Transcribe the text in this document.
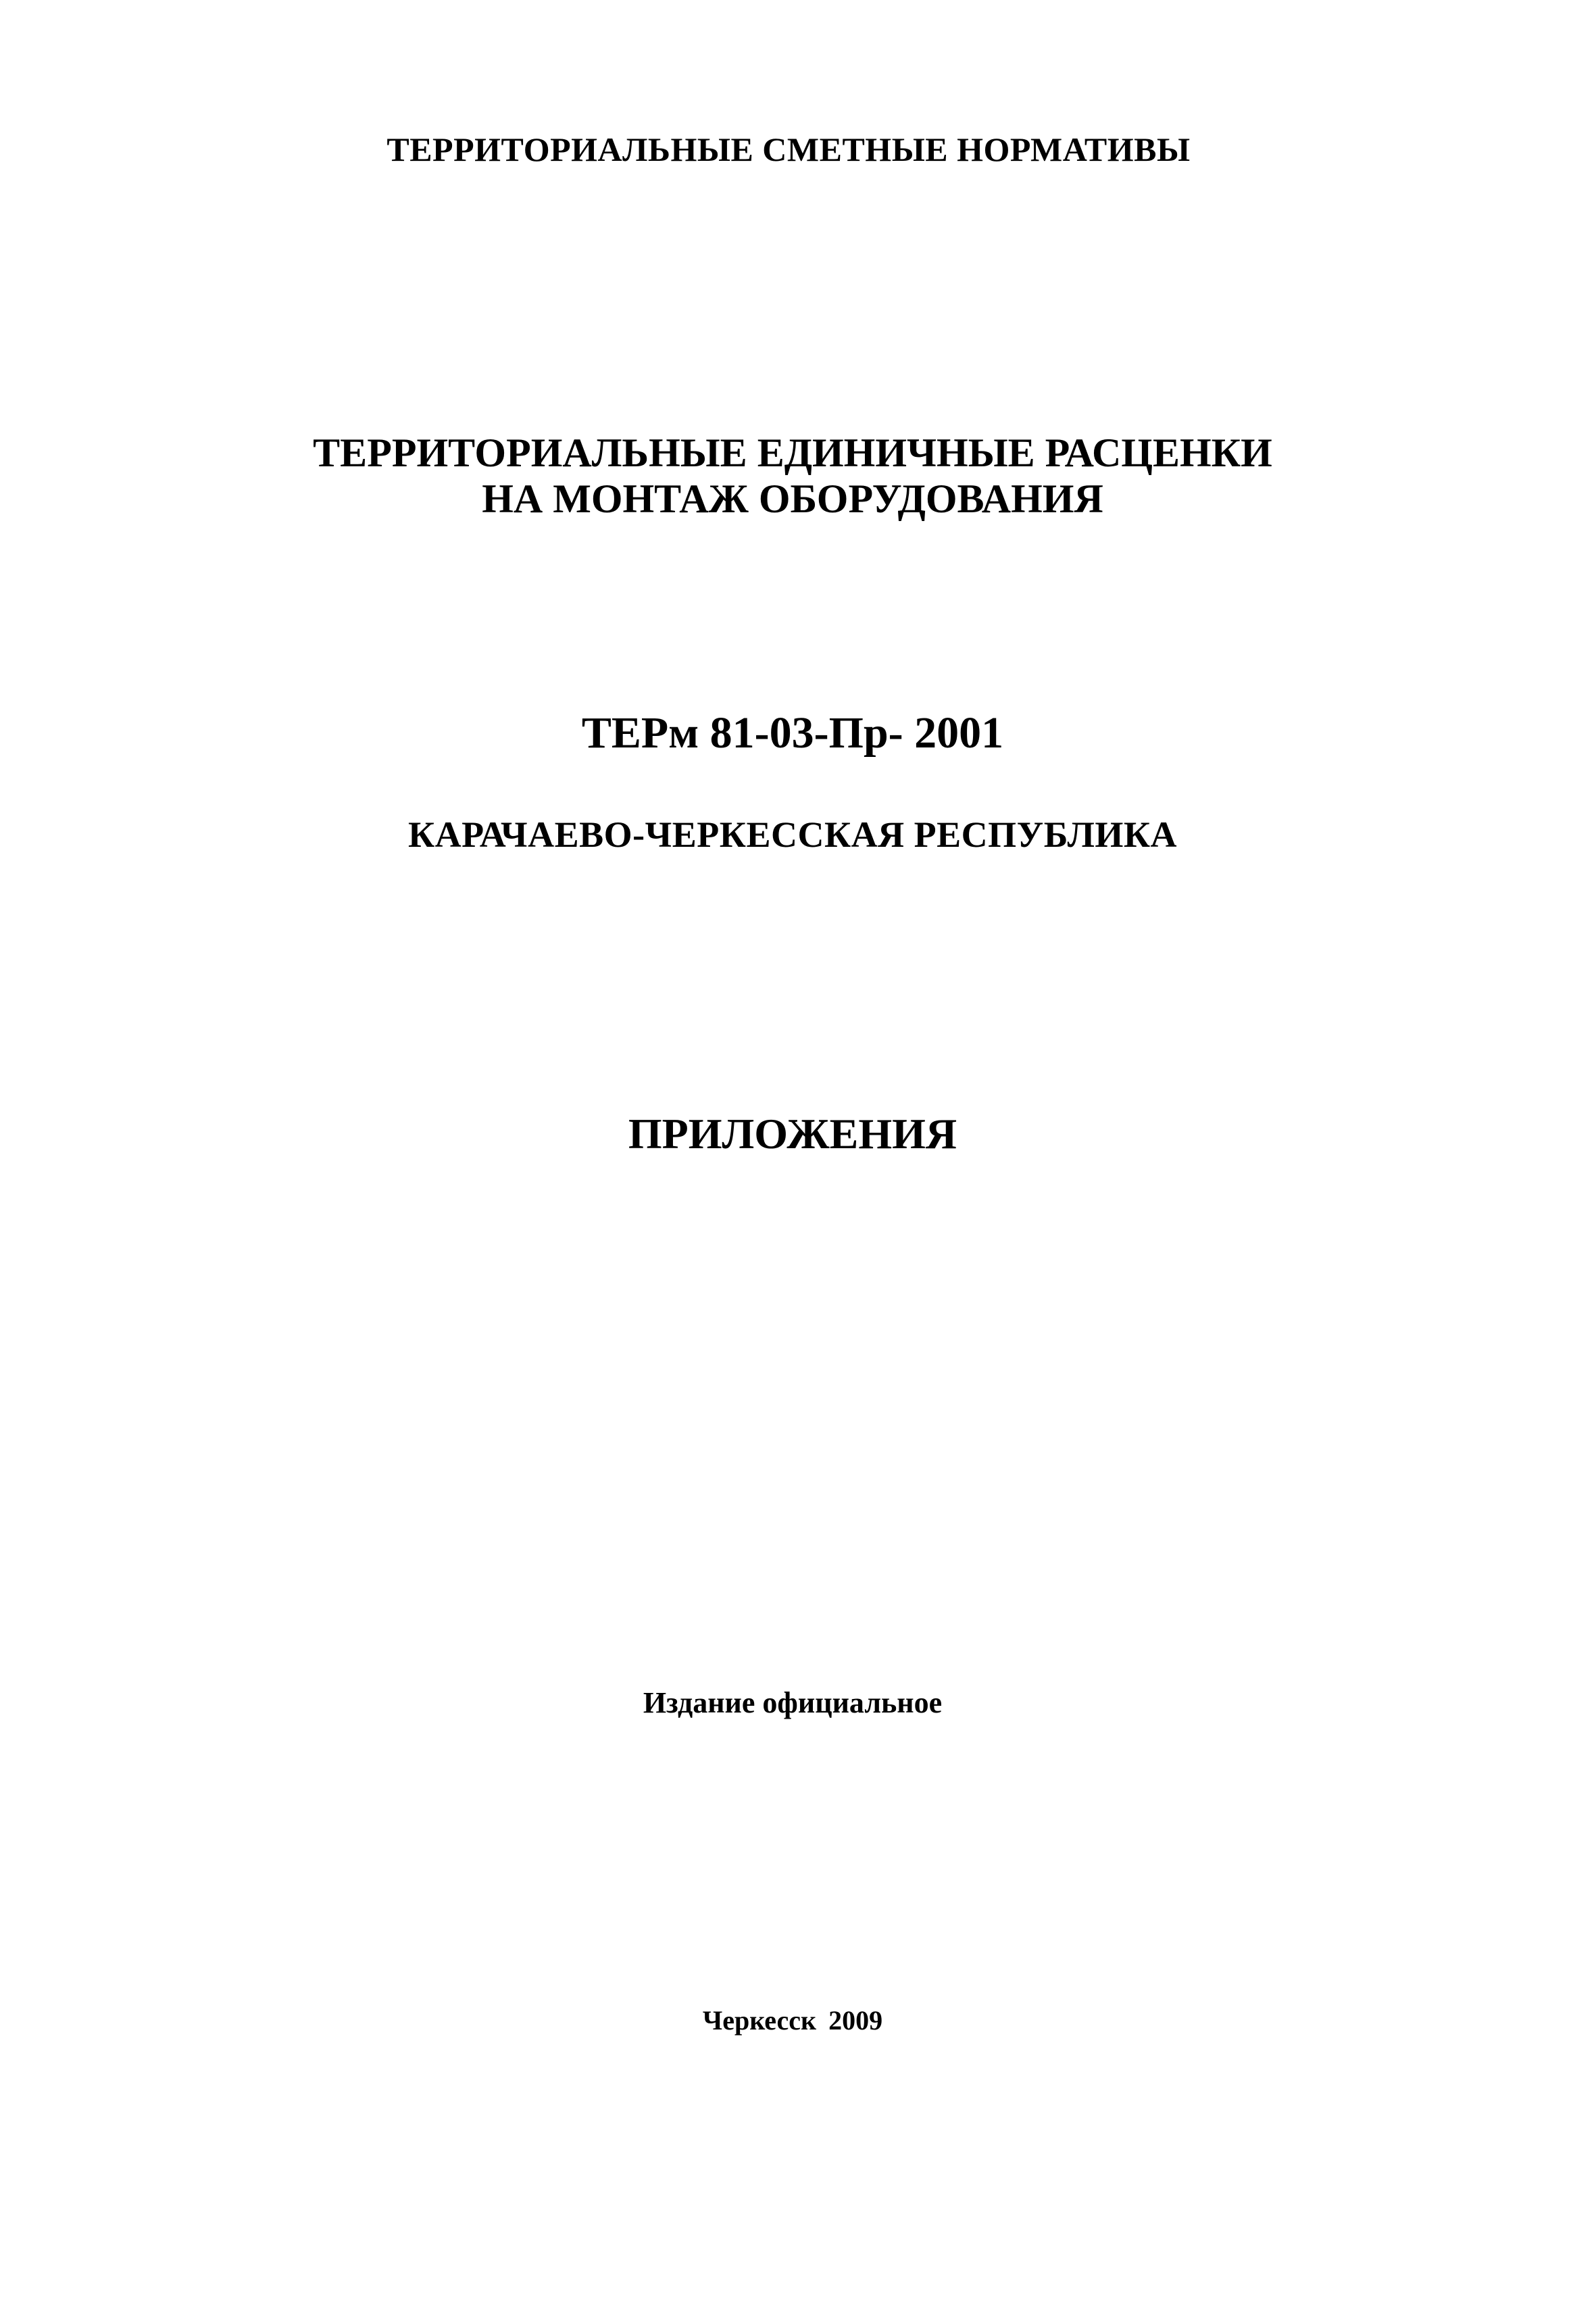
ТЕРРИТОРИАЛЬНЫЕ СМЕТНЫЕ НОРМАТИВЫ

ТЕРРИТОРИАЛЬНЫЕ ЕДИНИЧНЫЕ РАСЦЕНКИ
НА МОНТАЖ ОБОРУДОВАНИЯ

ТЕРм 81-03-Пр- 2001

КАРАЧАЕВО-ЧЕРКЕССКАЯ РЕСПУБЛИКА

ПРИЛОЖЕНИЯ

Издание официальное

Черкесск 2009
